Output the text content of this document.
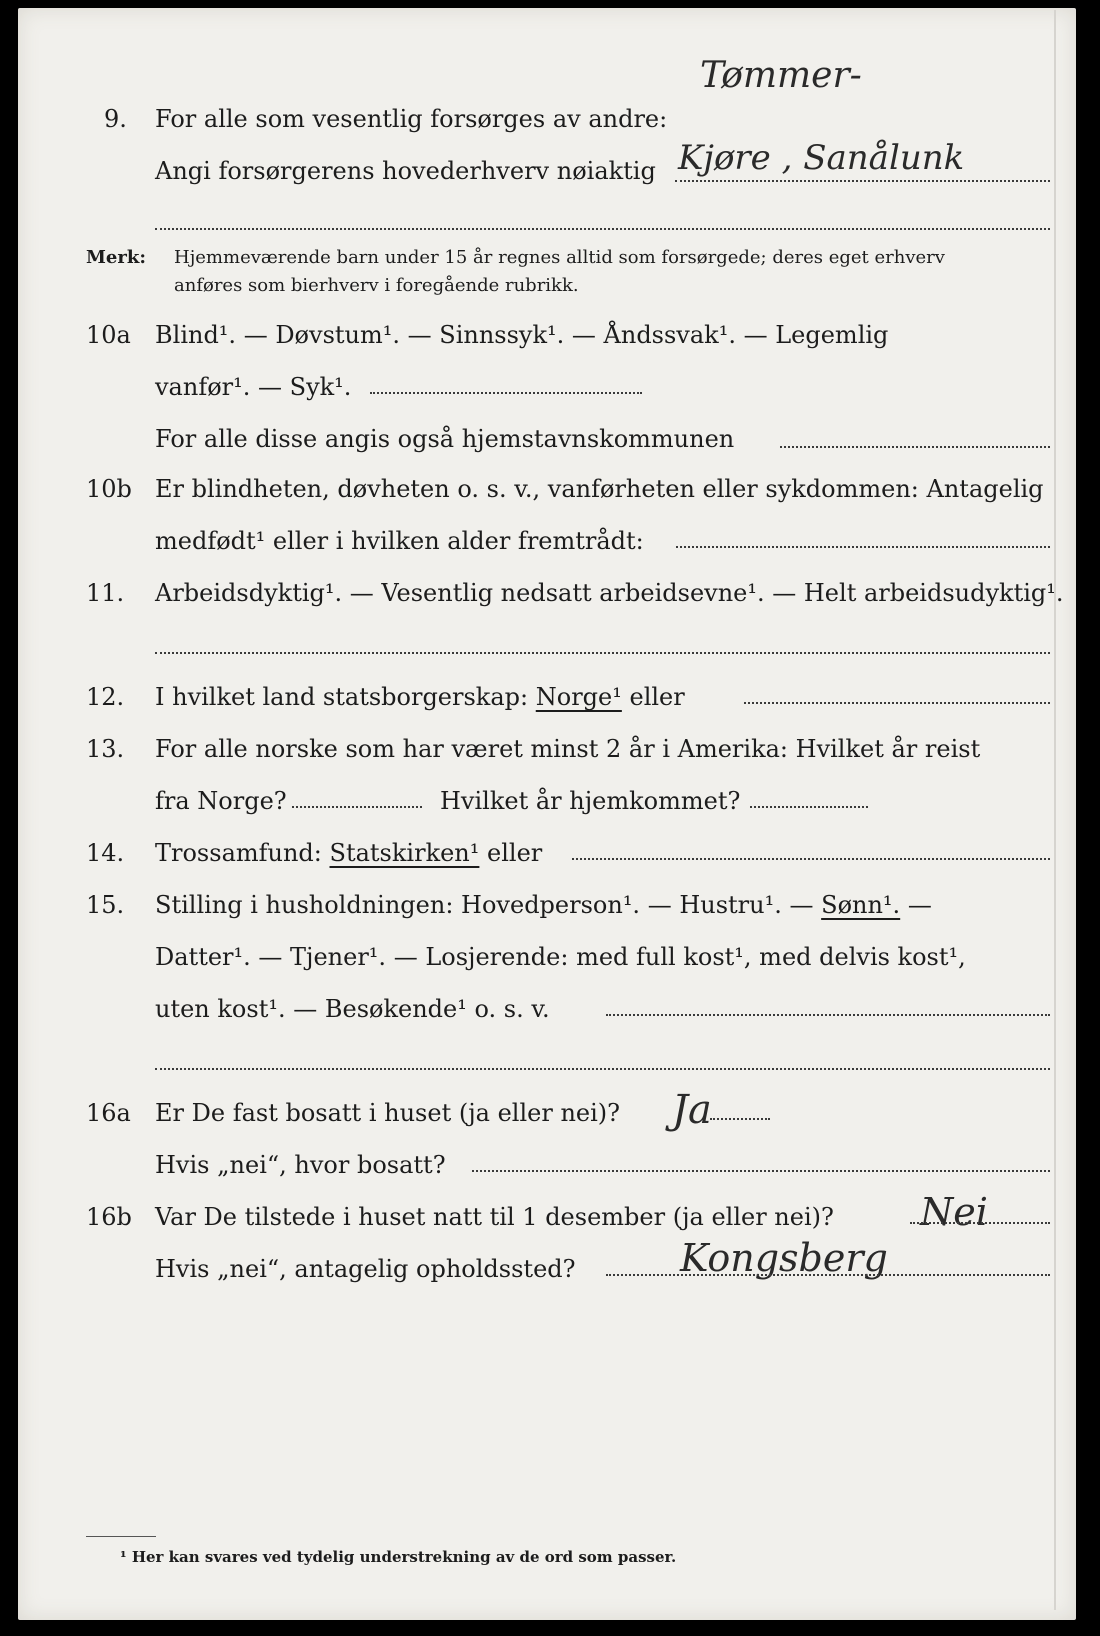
Tømmer-
Kjøre , Sanålunk
9. For alle som vesentlig forsørges av andre:
Angi forsørgerens hovederhverv nøiaktig
Merk: Hjemmeværende barn under 15 år regnes alltid som forsørgede; deres eget erhverv
anføres som bierhverv i foregående rubrikk.
10a Blind¹. — Døvstum¹. — Sinnssyk¹. — Åndssvak¹. — Legemlig
vanfør¹. — Syk¹.
For alle disse angis også hjemstavnskommunen
10b Er blindheten, døvheten o. s. v., vanførheten eller sykdommen: Antagelig
medfødt¹ eller i hvilken alder fremtrådt:
11. Arbeidsdyktig¹. — Vesentlig nedsatt arbeidsevne¹. — Helt arbeidsudyktig¹.
12. I hvilket land statsborgerskap: Norge¹ eller
13. For alle norske som har været minst 2 år i Amerika: Hvilket år reist
fra Norge?	Hvilket år hjemkommet?
14. Trossamfund: Statskirken¹ eller
15. Stilling i husholdningen: Hovedperson¹. — Hustru¹. — Sønn¹. —
Datter¹. — Tjener¹. — Losjerende: med full kost¹, med delvis kost¹,
uten kost¹. — Besøkende¹ o. s. v.
16a Er De fast bosatt i huset (ja eller nei)? Ja
Hvis „nei“, hvor bosatt?
16b Var De tilstede i huset natt til 1 desember (ja eller nei)? Nei
Hvis „nei“, antagelig opholdssted?	Kongsberg
¹ Her kan svares ved tydelig understrekning av de ord som passer.
